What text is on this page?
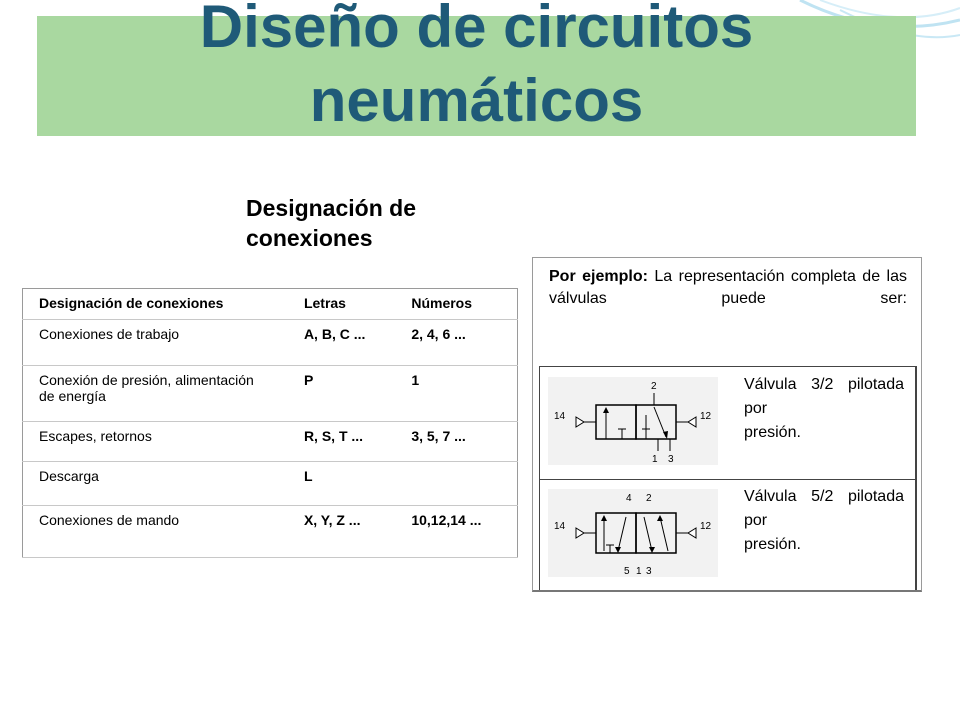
Diseño de circuitos neumáticos
Designación de conexiones
Designación de conexiones	Letras	Números
Conexiones de trabajo	A, B, C ...	2, 4, 6 ...
Conexión de presión, alimentación de energía	P	1
Escapes, retornos	R, S, T ...	3, 5, 7 ...
Descarga	L	
Conexiones de mando	X, Y, Z ...	10,12,14 ...
Por ejemplo: La representación completa de las válvulas puede ser:
2
14	12
1 3
Válvula 3/2 pilotada por
presión.
4 2
14	12
5 1 3
Válvula 5/2 pilotada por
presión.
